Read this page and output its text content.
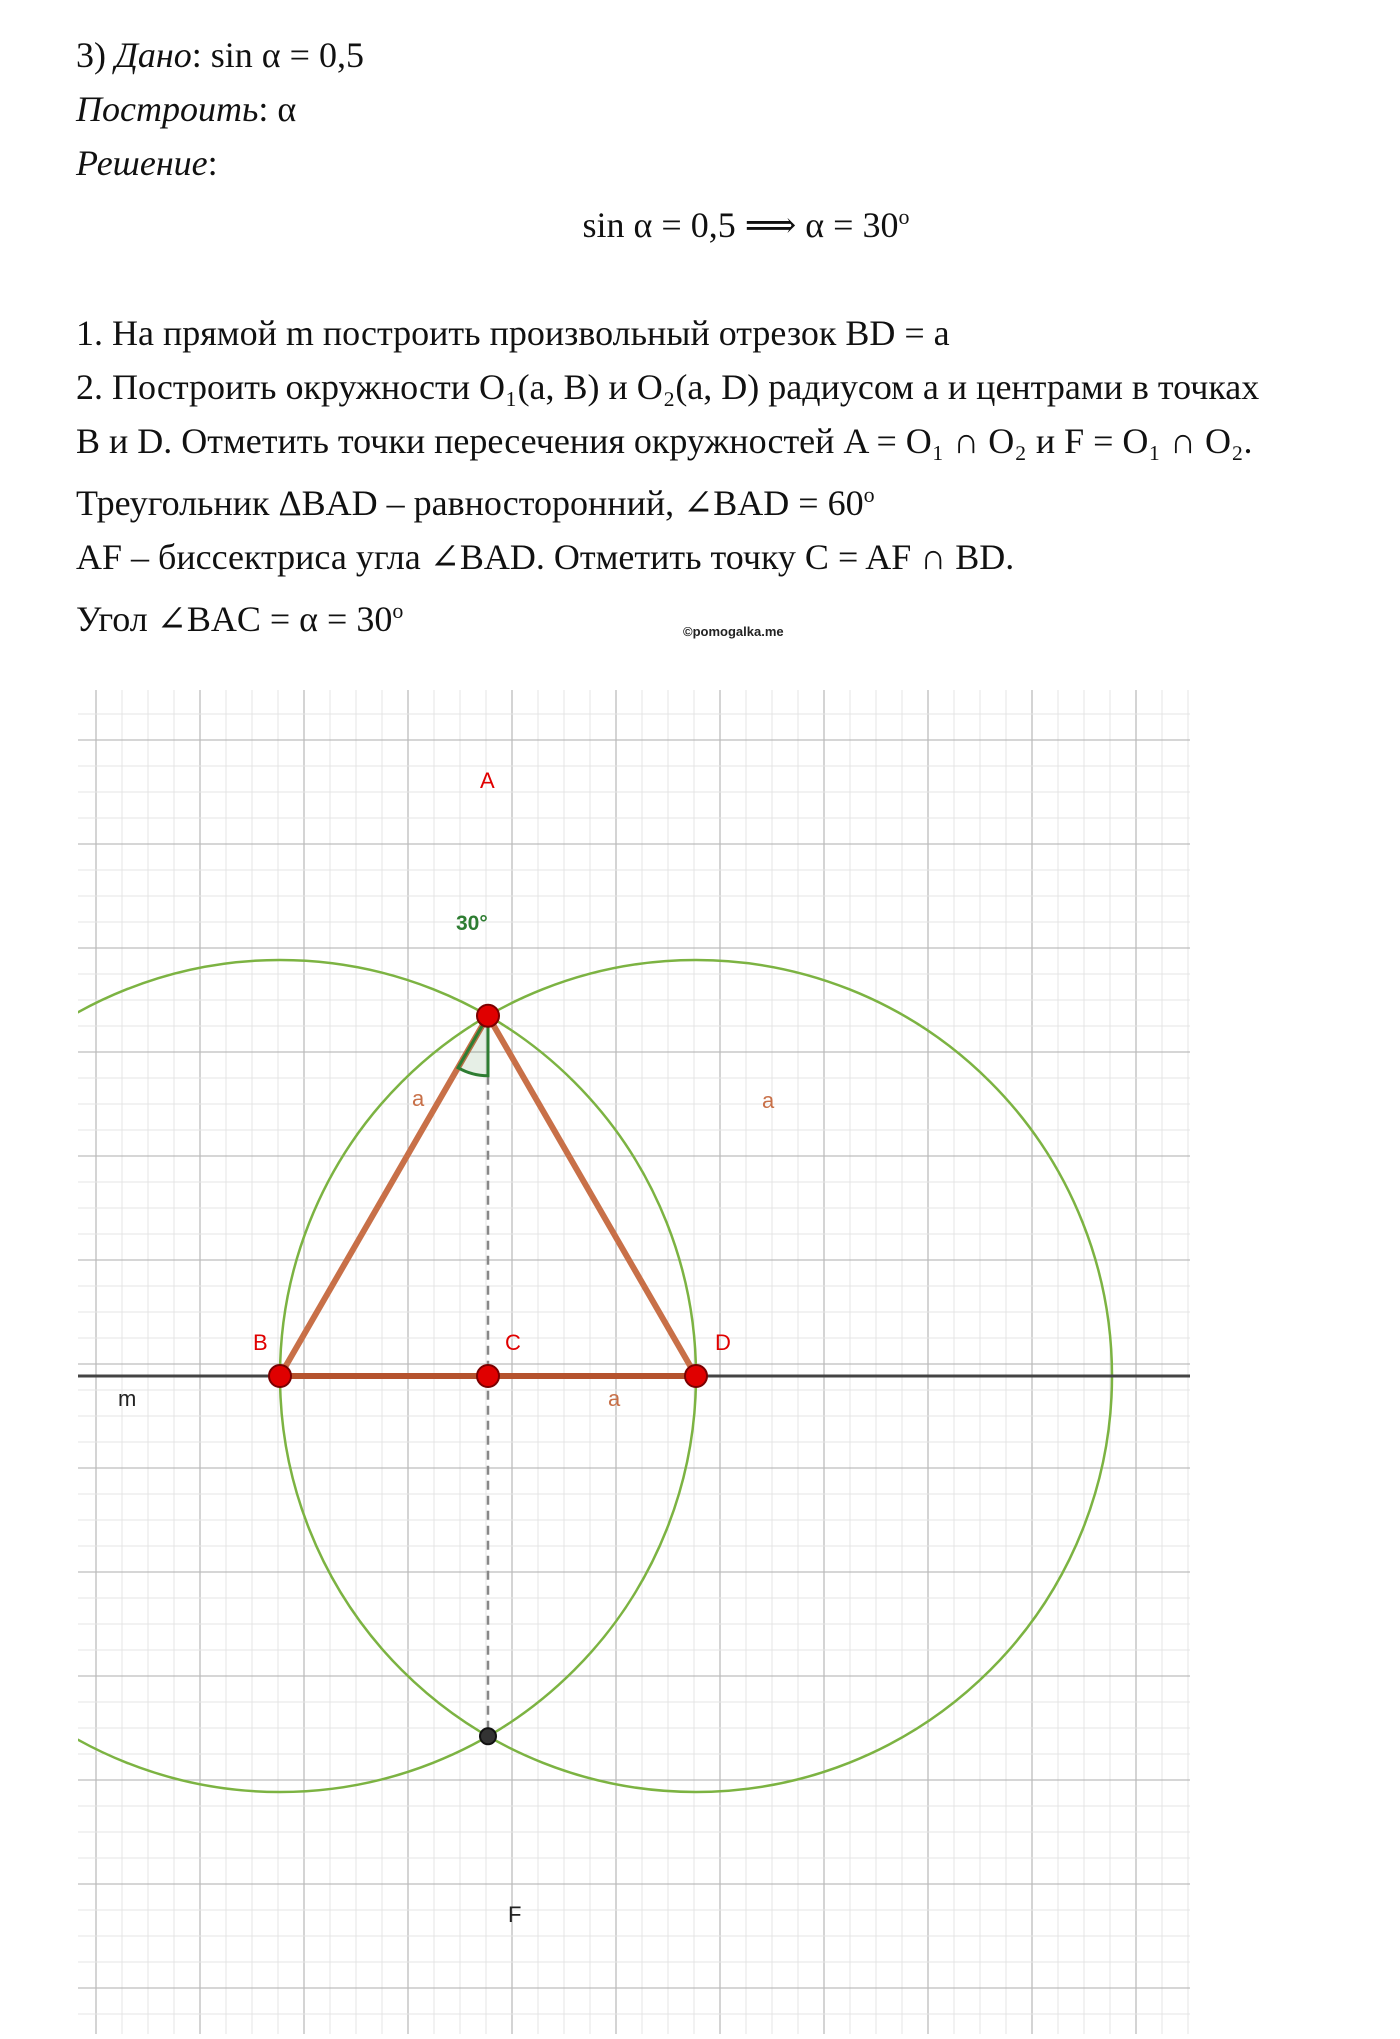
3) Дано: sin α = 0,5
Построить: α
Решение:
sin α = 0,5 ⟹ $\alpha = 30^o$
1. На прямой m построить произвольный отрезок BD = a
2. Построить окружности O₁(a, B) и O₂(a, D) радиусом a и центрами в точках
B и D. Отметить точки пересечения окружностей A = O₁ ∩ O₂ и F = O₁ ∩ O₂.
Треугольник ΔBAD – равносторонний, ∠BAD = $60^o$
AF – биссектриса угла ∠BAD. Отметить точку C = AF ∩ BD.
Угол ∠BAC = $\alpha = 30^o$
©pomogalka.me
30°
A
B	C	D
F
m
a	a
a
